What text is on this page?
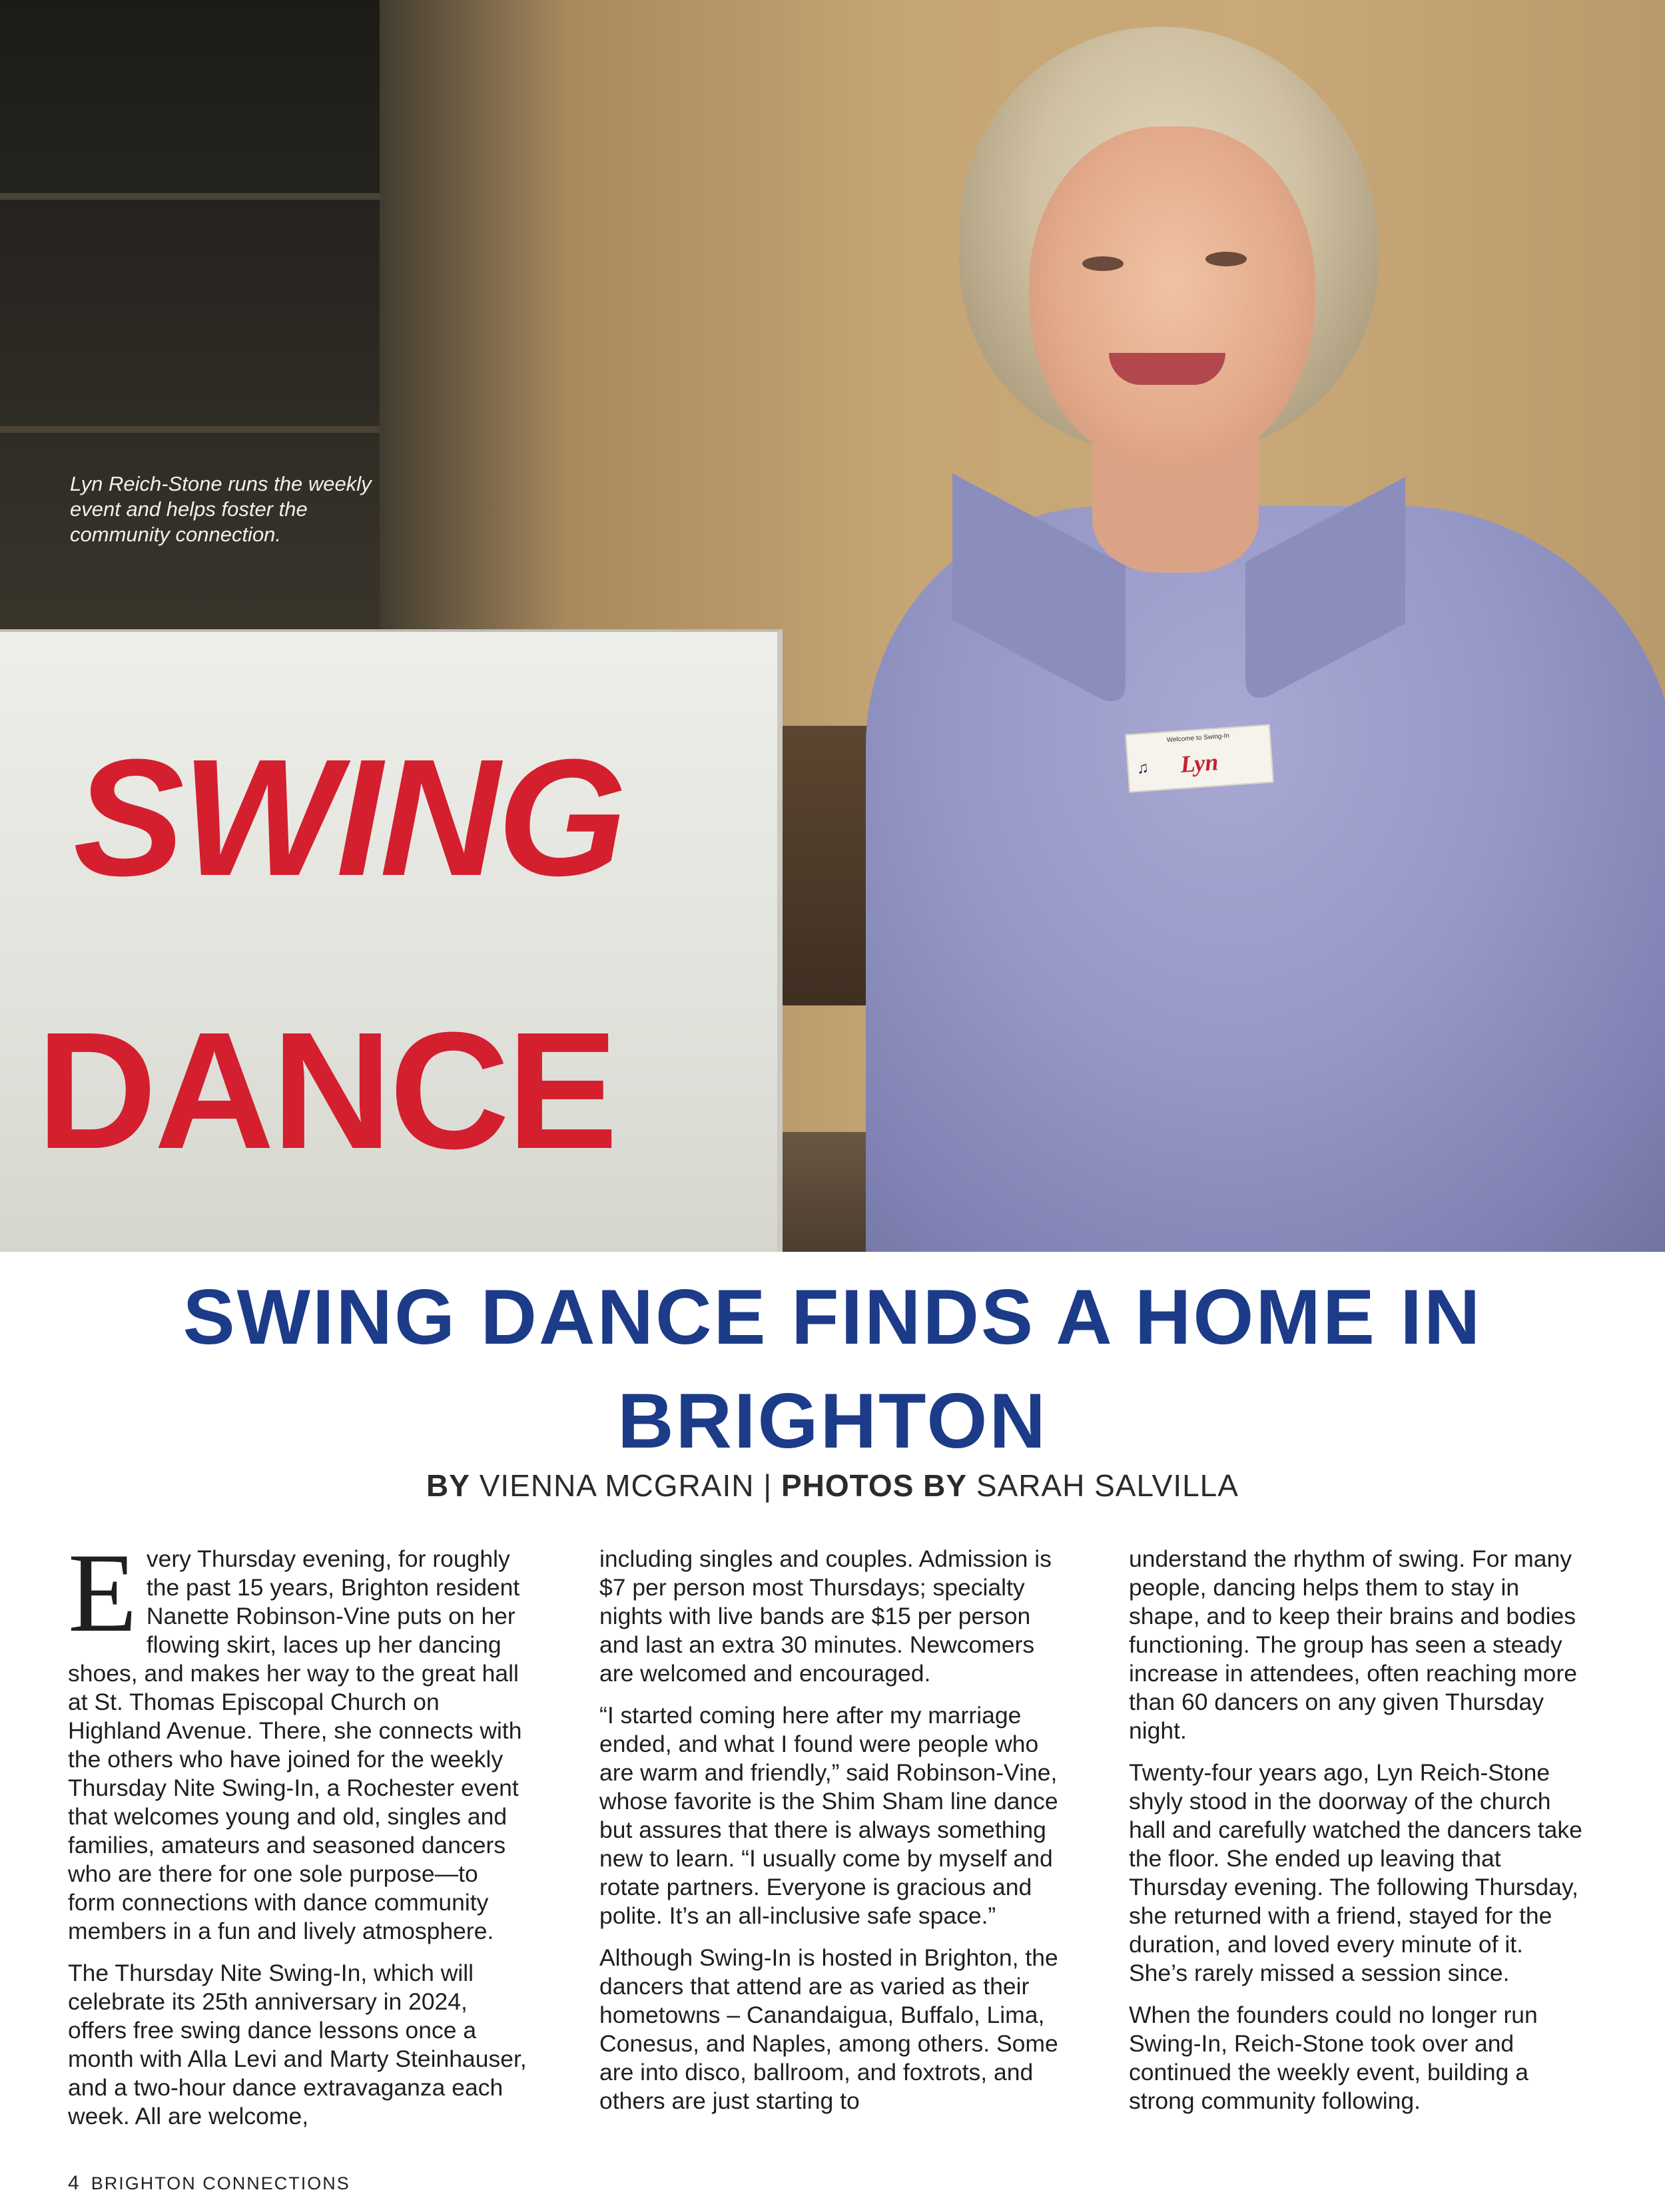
Welcome to Swing-In
♫	Lyn
SWING
DANCE
Lyn Reich-Stone runs the weekly event and helps foster the community connection.
SWING DANCE FINDS A HOME IN BRIGHTON
BY VIENNA MCGRAIN | PHOTOS BY SARAH SALVILLA

Every Thursday evening, for roughly the past 15 years, Brighton resident Nanette Robinson-Vine puts on her flowing skirt, laces up her dancing shoes, and makes her way to the great hall at St. Thomas Episcopal Church on Highland Avenue. There, she connects with the others who have joined for the weekly Thursday Nite Swing-In, a Rochester event that welcomes young and old, singles and families, amateurs and seasoned dancers who are there for one sole purpose—to form connections with dance community members in a fun and lively atmosphere.

The Thursday Nite Swing-In, which will celebrate its 25th anniversary in 2024, offers free swing dance lessons once a month with Alla Levi and Marty Steinhauser, and a two-hour dance extravaganza each week. All are welcome,

including singles and couples. Admission is $7 per person most Thursdays; specialty nights with live bands are $15 per person and last an extra 30 minutes. Newcomers are welcomed and encouraged.

“I started coming here after my marriage ended, and what I found were people who are warm and friendly,” said Robinson-Vine, whose favorite is the Shim Sham line dance but assures that there is always something new to learn. “I usually come by myself and rotate partners. Everyone is gracious and polite. It’s an all-inclusive safe space.”

Although Swing-In is hosted in Brighton, the dancers that attend are as varied as their hometowns – Canandaigua, Buffalo, Lima, Conesus, and Naples, among others. Some are into disco, ballroom, and foxtrots, and others are just starting to

understand the rhythm of swing. For many people, dancing helps them to stay in shape, and to keep their brains and bodies functioning. The group has seen a steady increase in attendees, often reaching more than 60 dancers on any given Thursday night.

Twenty-four years ago, Lyn Reich-Stone shyly stood in the doorway of the church hall and carefully watched the dancers take the floor. She ended up leaving that Thursday evening. The following Thursday, she returned with a friend, stayed for the duration, and loved every minute of it. She’s rarely missed a session since.

When the founders could no longer run Swing-In, Reich-Stone took over and continued the weekly event, building a strong community following.

4 BRIGHTON CONNECTIONS
